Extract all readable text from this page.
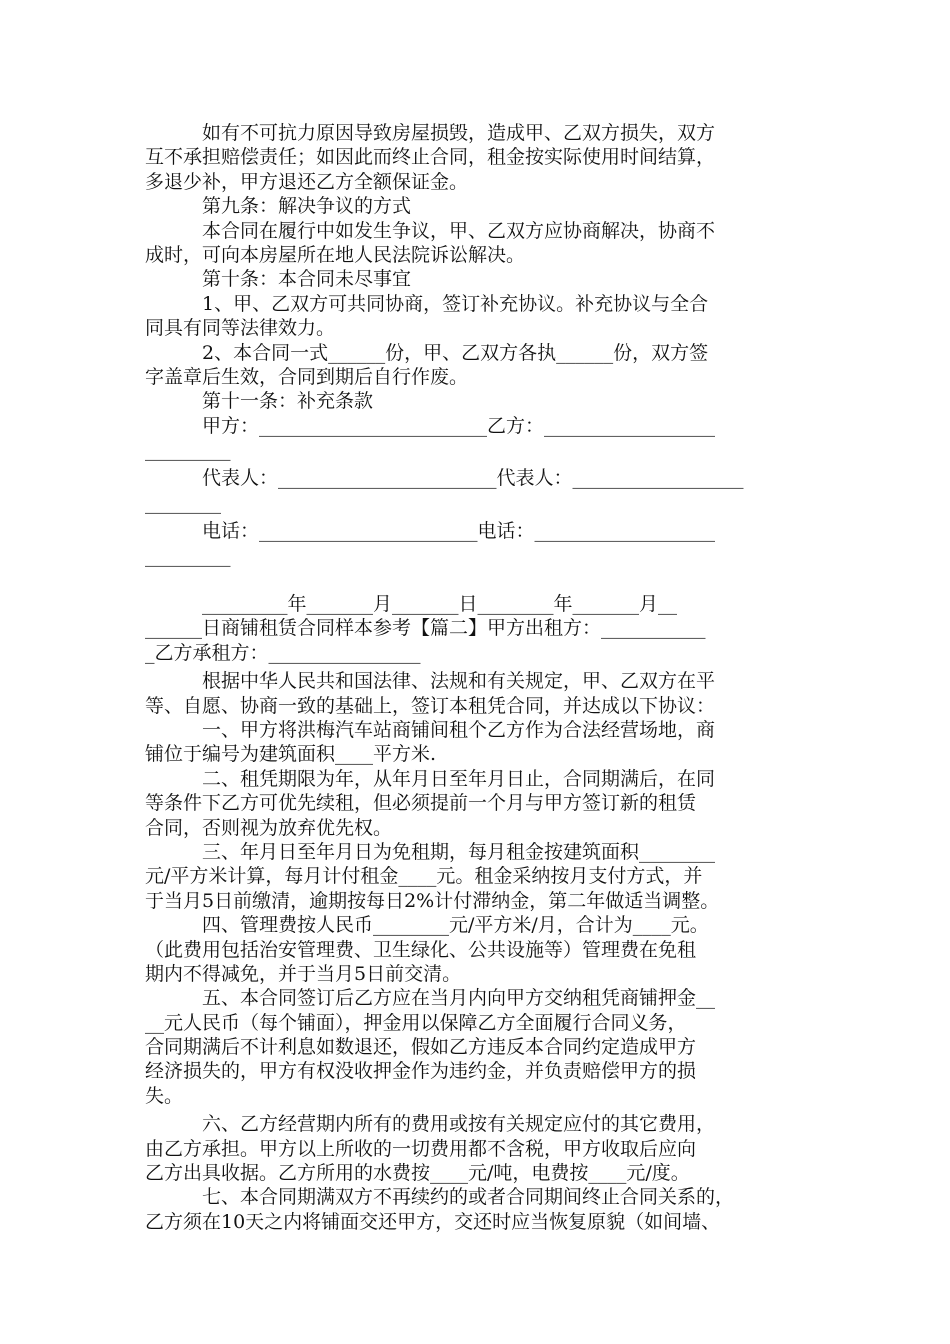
如有不可抗力原因导致房屋损毁，造成甲、乙双方损失，双方
互不承担赔偿责任；如因此而终止合同，租金按实际使用时间结算，
多退少补，甲方退还乙方全额保证金。
第九条：解决争议的方式
本合同在履行中如发生争议，甲、乙双方应协商解决，协商不
成时，可向本房屋所在地人民法院诉讼解决。
第十条：本合同未尽事宜
1、甲、乙双方可共同协商，签订补充协议。补充协议与全合
同具有同等法律效力。
2、本合同一式______份，甲、乙双方各执______份，双方签
字盖章后生效，合同到期后自行作废。
第十一条：补充条款
甲方：________________________乙方：__________________
_________
代表人：_______________________代表人：__________________
________
电话：_______________________电话：___________________
_________
_________年_______月_______日________年_______月__
______日商铺租赁合同样本参考【篇二】甲方出租方：___________
_乙方承租方：________________
根据中华人民共和国法律、法规和有关规定，甲、乙双方在平
等、自愿、协商一致的基础上，签订本租凭合同，并达成以下协议：
一、甲方将洪梅汽车站商铺间租个乙方作为合法经营场地，商
铺位于编号为建筑面积____平方米.
二、租凭期限为年，从年月日至年月日止，合同期满后，在同
等条件下乙方可优先续租，但必须提前一个月与甲方签订新的租赁
合同，否则视为放弃优先权。
三、年月日至年月日为免租期，每月租金按建筑面积________
元/平方米计算，每月计付租金____元。租金采纳按月支付方式，并
于当月5日前缴清，逾期按每日2%计付滞纳金，第二年做适当调整。
四、管理费按人民币________元/平方米/月，合计为____元。
（此费用包括治安管理费、卫生绿化、公共设施等）管理费在免租
期内不得减免，并于当月5日前交清。
五、本合同签订后乙方应在当月内向甲方交纳租凭商铺押金__
__元人民币（每个铺面），押金用以保障乙方全面履行合同义务，
合同期满后不计利息如数退还，假如乙方违反本合同约定造成甲方
经济损失的，甲方有权没收押金作为违约金，并负责赔偿甲方的损
失。
六、乙方经营期内所有的费用或按有关规定应付的其它费用，
由乙方承担。甲方以上所收的一切费用都不含税，甲方收取后应向
乙方出具收据。乙方所用的水费按____元/吨，电费按____元/度。
七、本合同期满双方不再续约的或者合同期间终止合同关系的，
乙方须在10天之内将铺面交还甲方，交还时应当恢复原貌（如间墙、
